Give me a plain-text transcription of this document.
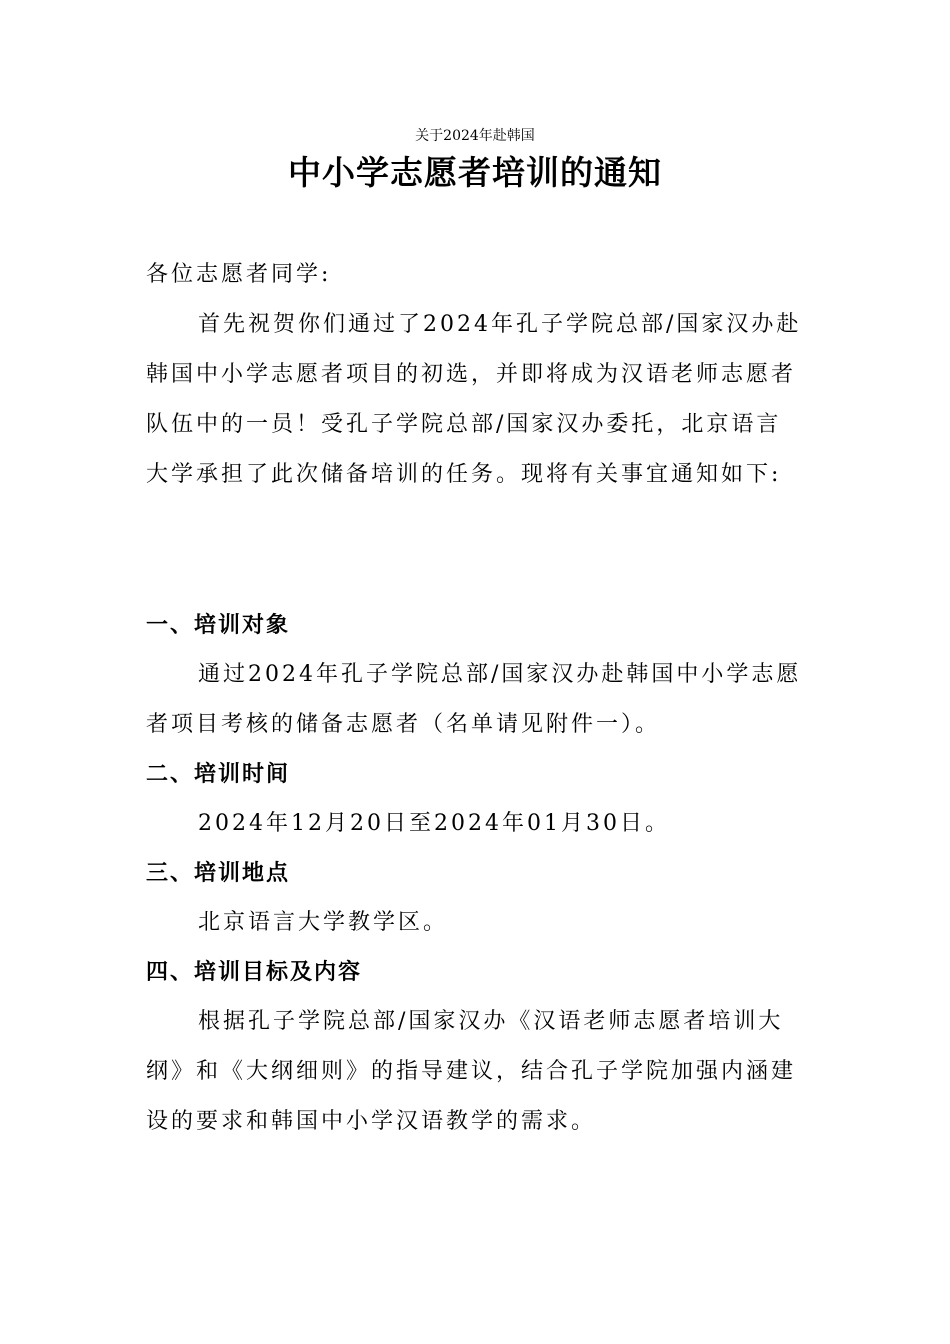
关于2024年赴韩国
中小学志愿者培训的通知

各位志愿者同学:

首先祝贺你们通过了2024年孔子学院总部/国家汉办赴韩国中小学志愿者项目的初选，并即将成为汉语老师志愿者队伍中的一员！受孔子学院总部/国家汉办委托，北京语言大学承担了此次储备培训的任务。现将有关事宜通知如下:

一、培训对象

通过2024年孔子学院总部/国家汉办赴韩国中小学志愿者项目考核的储备志愿者（名单请见附件一）。

二、培训时间

2024年12月20日至2024年01月30日。

三、培训地点

北京语言大学教学区。

四、培训目标及内容

根据孔子学院总部/国家汉办《汉语老师志愿者培训大纲》和《大纲细则》的指导建议，结合孔子学院加强内涵建设的要求和韩国中小学汉语教学的需求。
